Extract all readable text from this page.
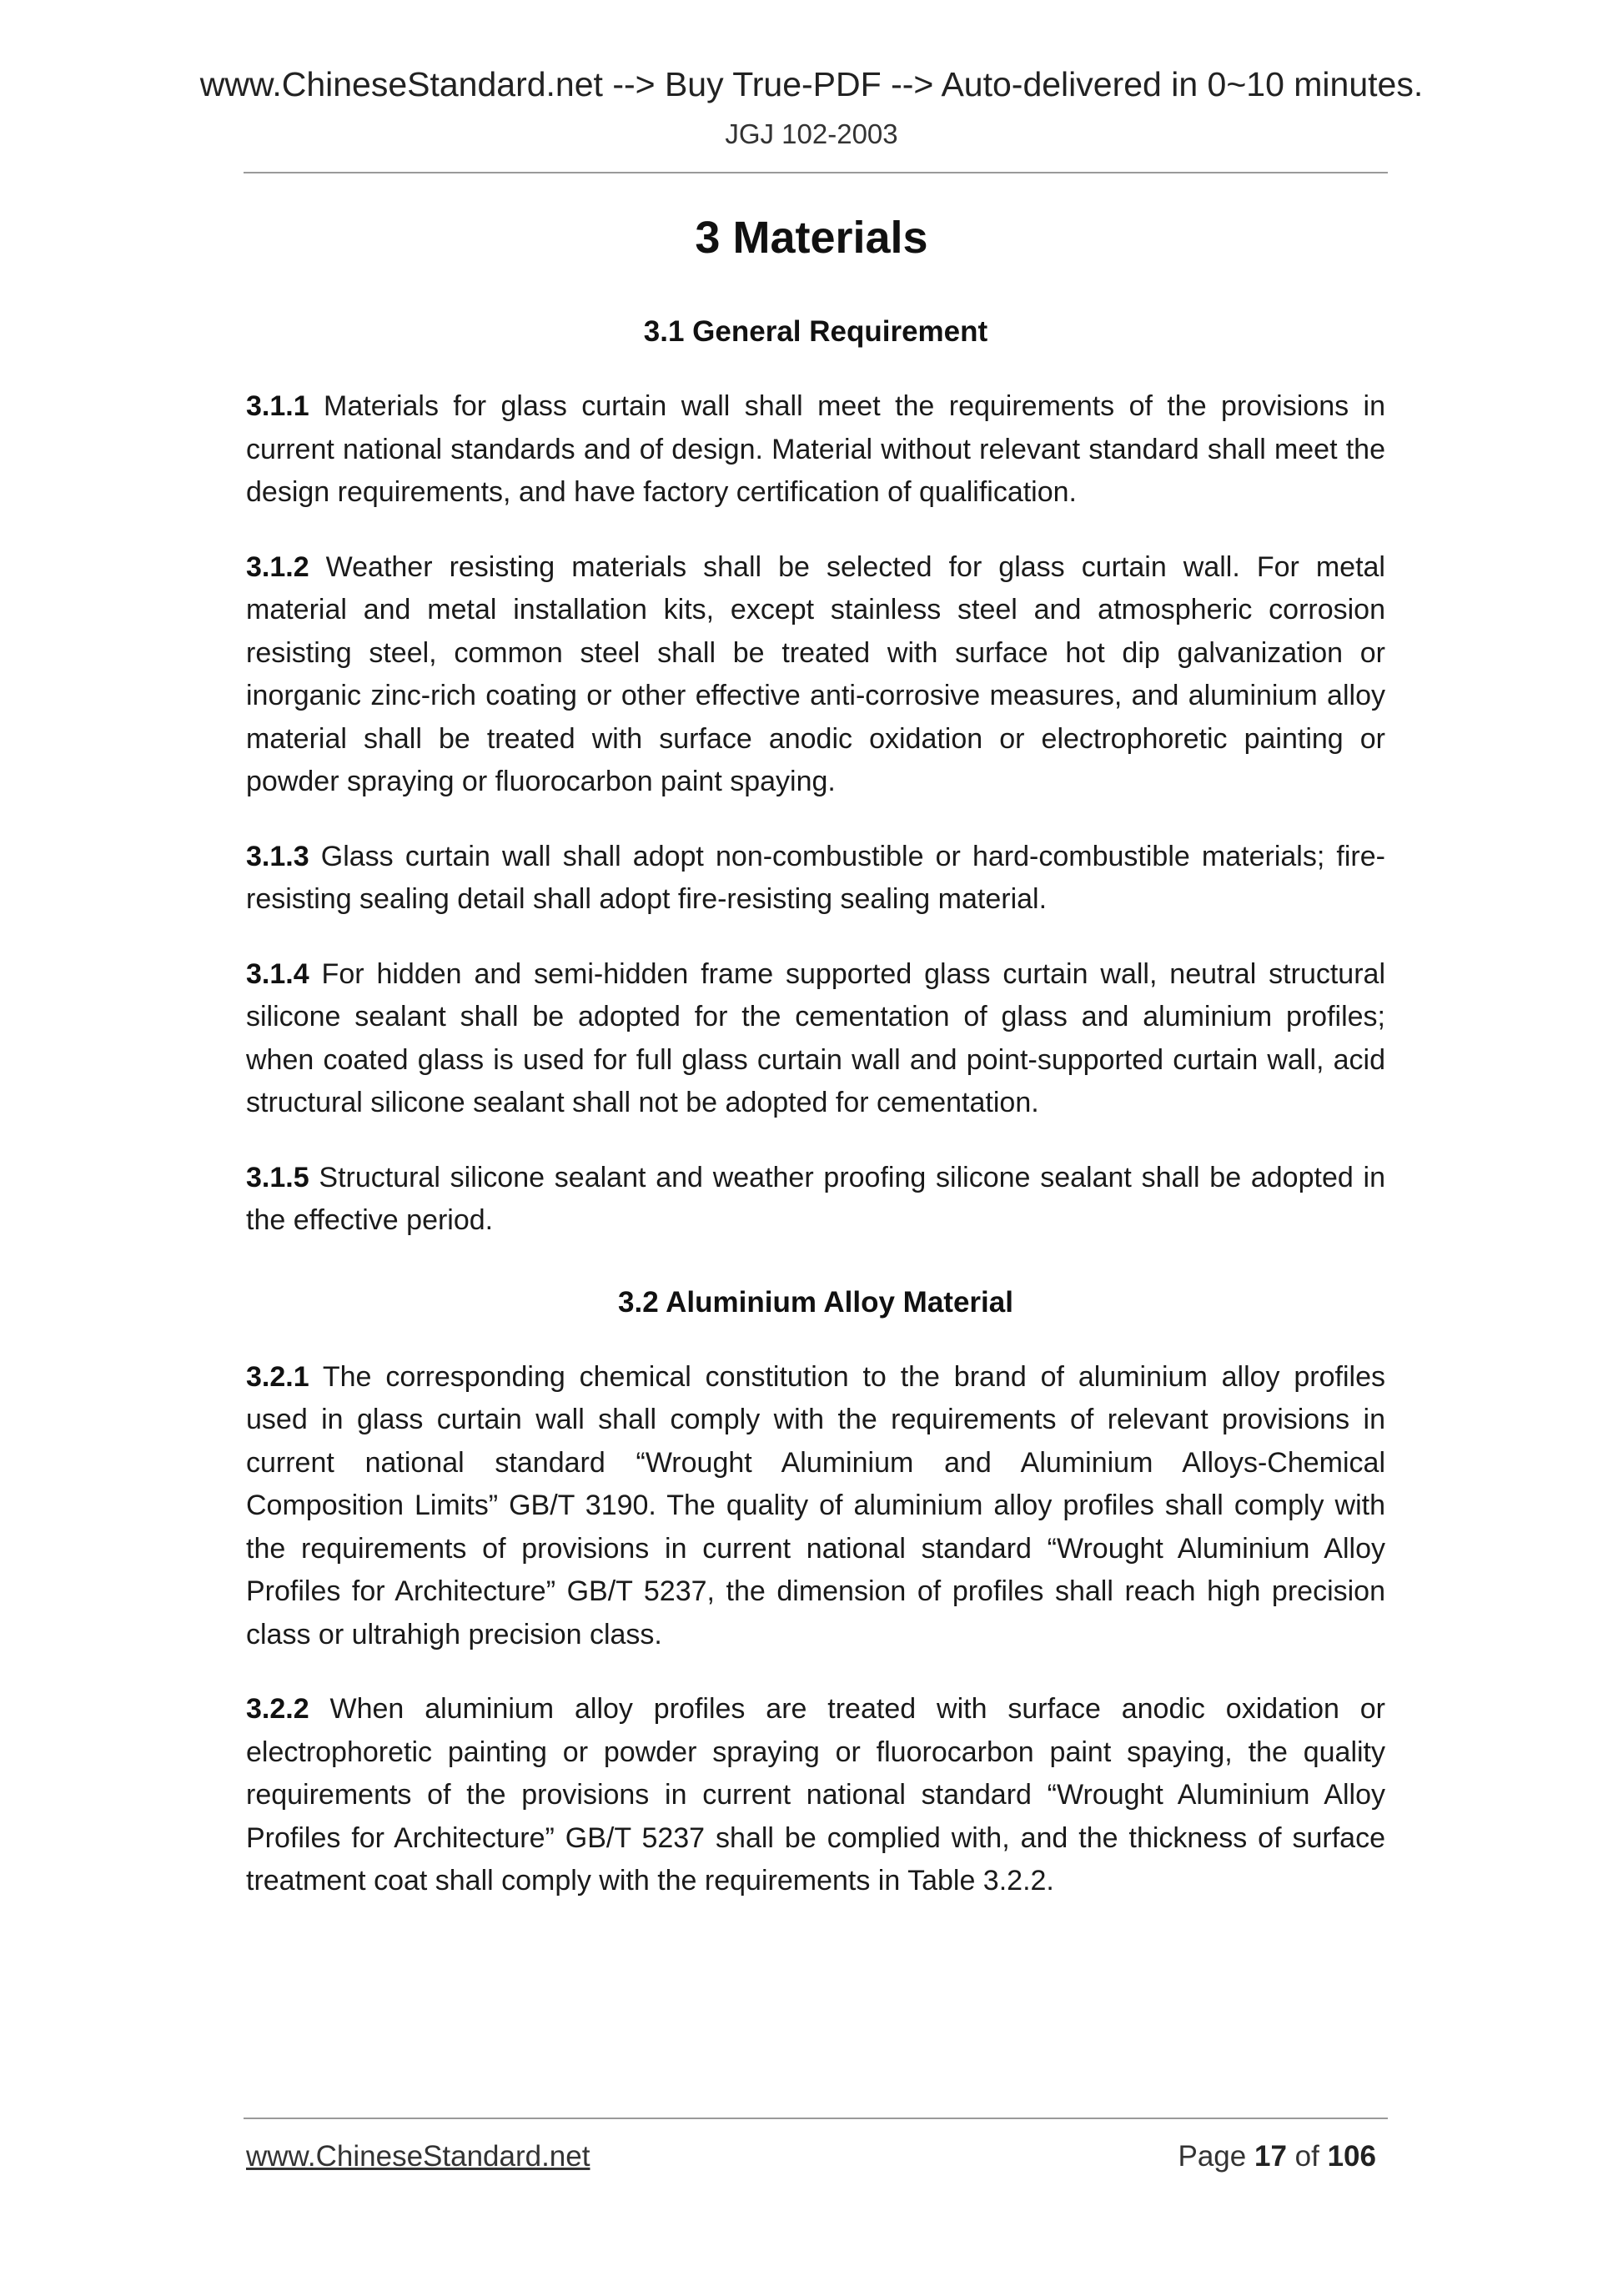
www.ChineseStandard.net --> Buy True-PDF --> Auto-delivered in 0~10 minutes.
JGJ 102-2003
3 Materials
3.1 General Requirement

3.1.1 Materials for glass curtain wall shall meet the requirements of the provisions in current national standards and of design. Material without relevant standard shall meet the design requirements, and have factory certification of qualification.

3.1.2 Weather resisting materials shall be selected for glass curtain wall. For metal material and metal installation kits, except stainless steel and atmospheric corrosion resisting steel, common steel shall be treated with surface hot dip galvanization or inorganic zinc-rich coating or other effective anti-corrosive measures, and aluminium alloy material shall be treated with surface anodic oxidation or electrophoretic painting or powder spraying or fluorocarbon paint spaying.

3.1.3 Glass curtain wall shall adopt non-combustible or hard-combustible materials; fire-resisting sealing detail shall adopt fire-resisting sealing material.

3.1.4 For hidden and semi-hidden frame supported glass curtain wall, neutral structural silicone sealant shall be adopted for the cementation of glass and aluminium profiles; when coated glass is used for full glass curtain wall and point-supported curtain wall, acid structural silicone sealant shall not be adopted for cementation.

3.1.5 Structural silicone sealant and weather proofing silicone sealant shall be adopted in the effective period.

3.2 Aluminium Alloy Material

3.2.1 The corresponding chemical constitution to the brand of aluminium alloy profiles used in glass curtain wall shall comply with the requirements of relevant provisions in current national standard “Wrought Aluminium and Aluminium Alloys-Chemical Composition Limits” GB/T 3190. The quality of aluminium alloy profiles shall comply with the requirements of provisions in current national standard “Wrought Aluminium Alloy Profiles for Architecture” GB/T 5237, the dimension of profiles shall reach high precision class or ultrahigh precision class.

3.2.2 When aluminium alloy profiles are treated with surface anodic oxidation or electrophoretic painting or powder spraying or fluorocarbon paint spaying, the quality requirements of the provisions in current national standard “Wrought Aluminium Alloy Profiles for Architecture” GB/T 5237 shall be complied with, and the thickness of surface treatment coat shall comply with the requirements in Table 3.2.2.

www.ChineseStandard.net	Page 17 of 106
